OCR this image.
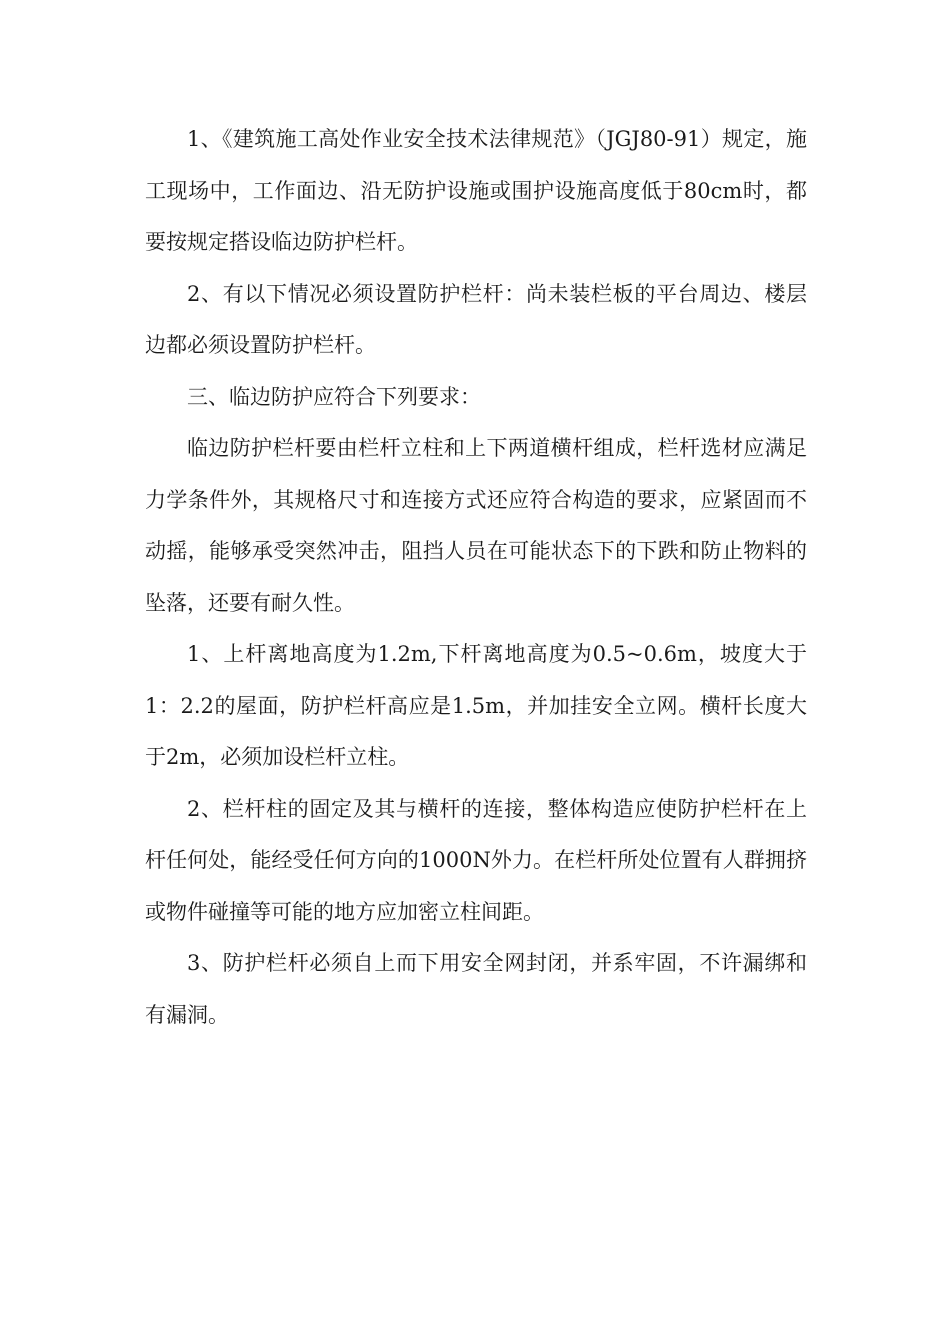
1、《建筑施工高处作业安全技术法律规范》（JGJ80-91）规定，施工现场中，工作面边、沿无防护设施或围护设施高度低于80cm时，都要按规定搭设临边防护栏杆。

2、有以下情况必须设置防护栏杆：尚未装栏板的平台周边、楼层边都必须设置防护栏杆。

三、临边防护应符合下列要求：

临边防护栏杆要由栏杆立柱和上下两道横杆组成，栏杆选材应满足力学条件外，其规格尺寸和连接方式还应符合构造的要求，应紧固而不动摇，能够承受突然冲击，阻挡人员在可能状态下的下跌和防止物料的坠落，还要有耐久性。

1、上杆离地高度为1.2m,下杆离地高度为0.5~0.6m，坡度大于1：2.2的屋面，防护栏杆高应是1.5m，并加挂安全立网。横杆长度大于2m，必须加设栏杆立柱。

2、栏杆柱的固定及其与横杆的连接，整体构造应使防护栏杆在上杆任何处，能经受任何方向的1000N外力。在栏杆所处位置有人群拥挤或物件碰撞等可能的地方应加密立柱间距。

3、防护栏杆必须自上而下用安全网封闭，并系牢固，不许漏绑和有漏洞。
